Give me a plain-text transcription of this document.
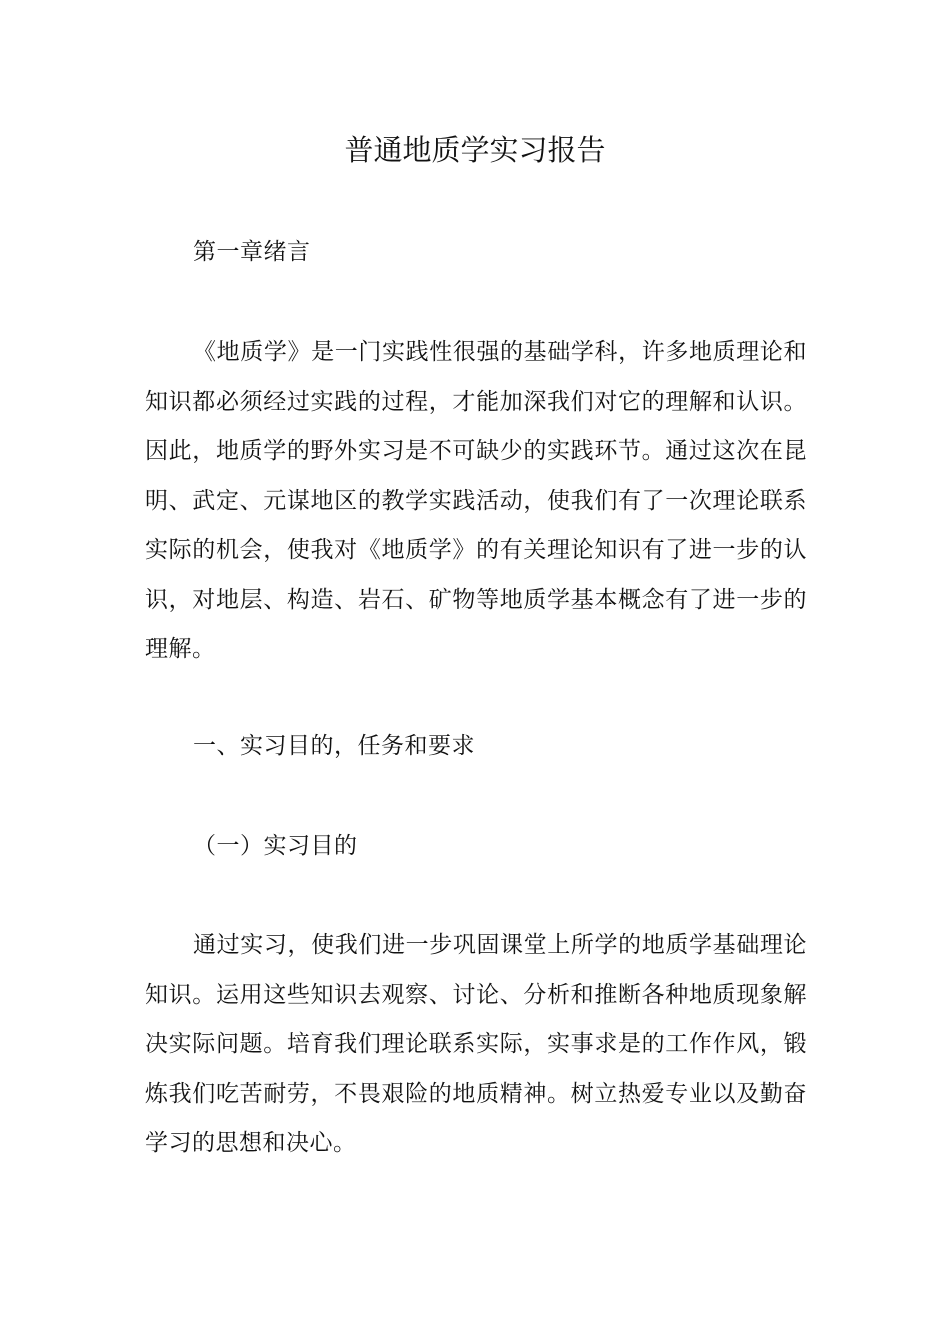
普通地质学实习报告

第一章绪言

《地质学》是一门实践性很强的基础学科，许多地质理论和知识都必须经过实践的过程，才能加深我们对它的理解和认识。因此，地质学的野外实习是不可缺少的实践环节。通过这次在昆明、武定、元谋地区的教学实践活动，使我们有了一次理论联系实际的机会，使我对《地质学》的有关理论知识有了进一步的认识，对地层、构造、岩石、矿物等地质学基本概念有了进一步的理解。

一、实习目的，任务和要求

（一）实习目的

通过实习，使我们进一步巩固课堂上所学的地质学基础理论知识。运用这些知识去观察、讨论、分析和推断各种地质现象解决实际问题。培育我们理论联系实际，实事求是的工作作风，锻炼我们吃苦耐劳，不畏艰险的地质精神。树立热爱专业以及勤奋学习的思想和决心。
